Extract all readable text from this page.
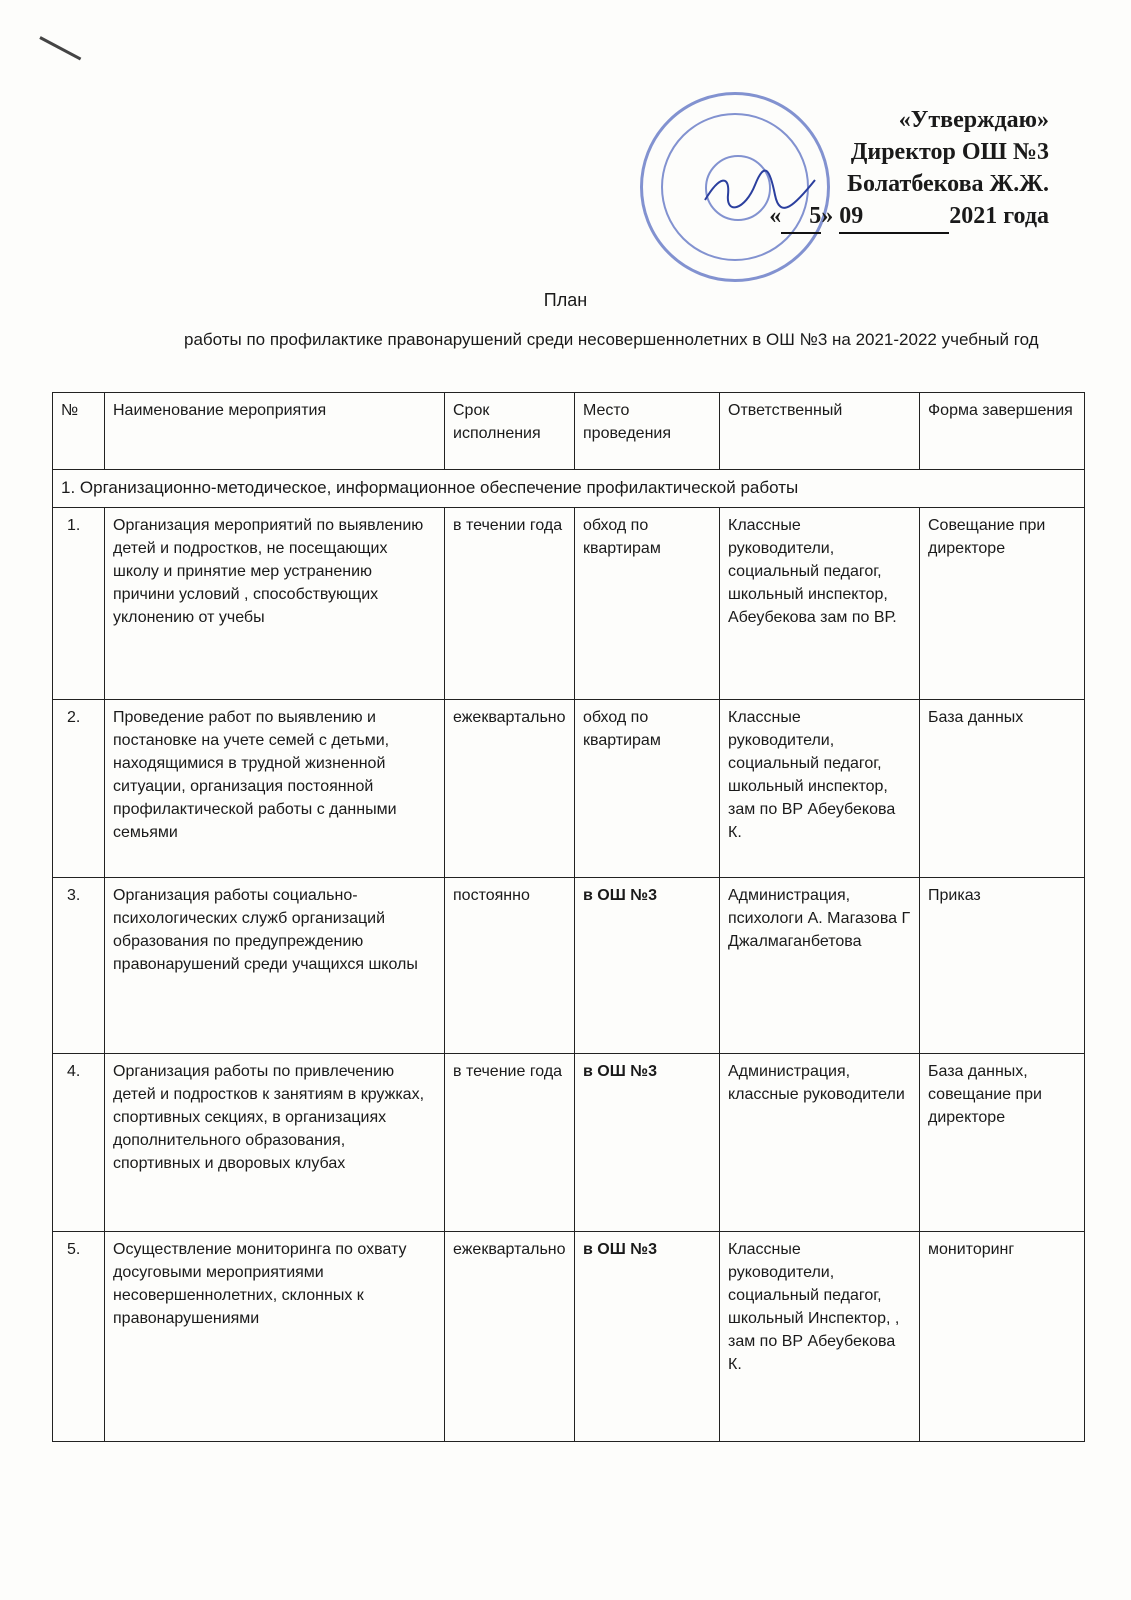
«Утверждаю»
Директор ОШ №3
Болатбекова Ж.Ж.
« 5» 09	2021 года
План
работы по профилактике правонарушений среди несовершеннолетних в ОШ №3 на 2021-2022 учебный год
№	Наименование мероприятия	Срок исполнения	Место проведения	Ответственный	Форма завершения
1. Организационно-методическое, информационное обеспечение профилактической работы					
1.	Организация мероприятий по выявлению детей и подростков, не посещающих школу и принятие мер устранению причини условий , способствующих уклонению от учебы	в течении года	обход по квартирам	Классные руководители, социальный педагог, школьный инспектор, Абеубекова зам по ВР.	Совещание при директоре
2.	Проведение работ по выявлению и постановке на учете семей с детьми, находящимися в трудной жизненной ситуации, организация постоянной профилактической работы с данными семьями	ежеквартально	обход по квартирам	Классные руководители, социальный педагог, школьный инспектор, зам по ВР Абеубекова К.	База данных
3.	Организация работы социально-психологических служб организаций образования по предупреждению правонарушений среди учащихся школы	постоянно	в ОШ №3	Администрация, психологи А. Магазова Г Джалмаганбетова	Приказ
4.	Организация работы по привлечению детей и подростков к занятиям в кружках, спортивных секциях, в организациях дополнительного образования, спортивных и дворовых клубах	в течение года	в ОШ №3	Администрация, классные руководители	База данных, совещание при директоре
5.	Осуществление мониторинга по охвату досуговыми мероприятиями несовершеннолетних, склонных к правонарушениями	ежеквартально	в ОШ №3	Классные руководители, социальный педагог, школьный Инспектор, , зам по ВР Абеубекова К.	мониторинг
